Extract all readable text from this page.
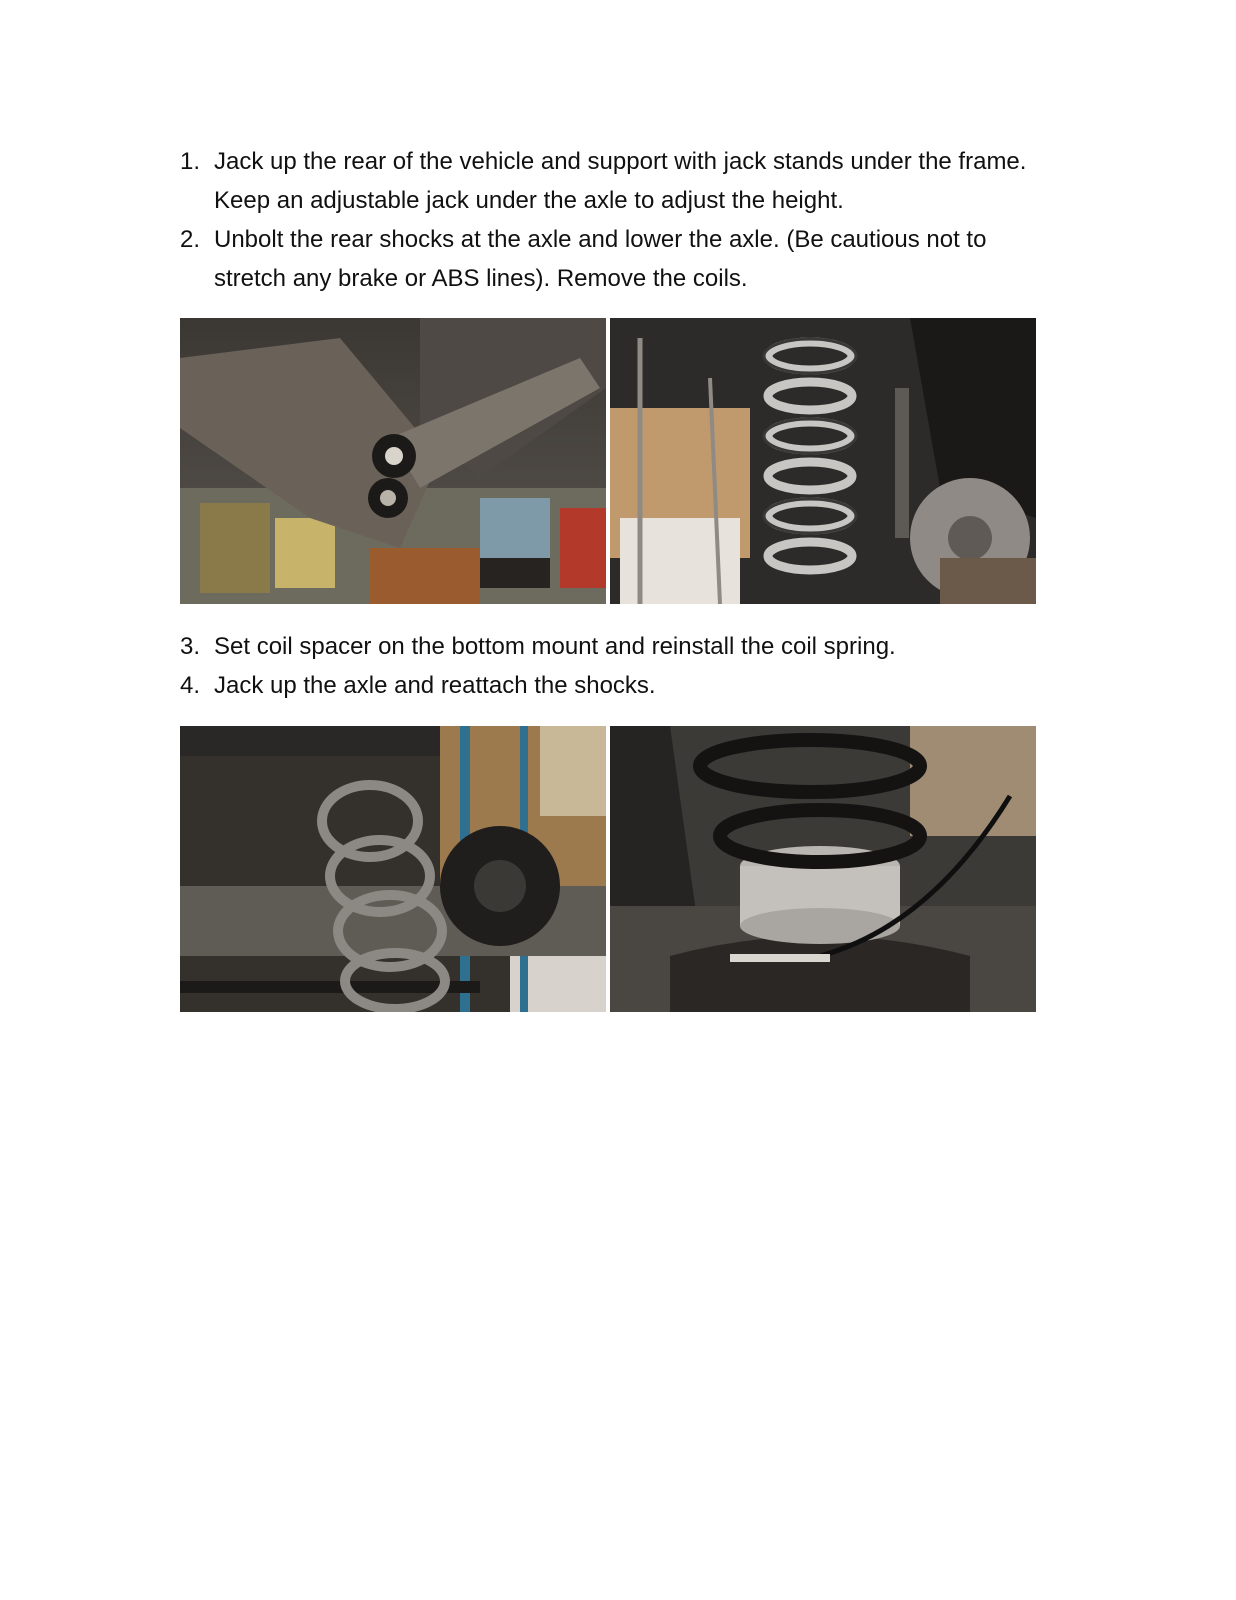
1. Jack up the rear of the vehicle and support with jack stands under the frame. Keep an adjustable jack under the axle to adjust the height.
2. Unbolt the rear shocks at the axle and lower the axle. (Be cautious not to stretch any brake or ABS lines). Remove the coils.
3. Set coil spacer on the bottom mount and reinstall the coil spring.
4. Jack up the axle and reattach the shocks.
